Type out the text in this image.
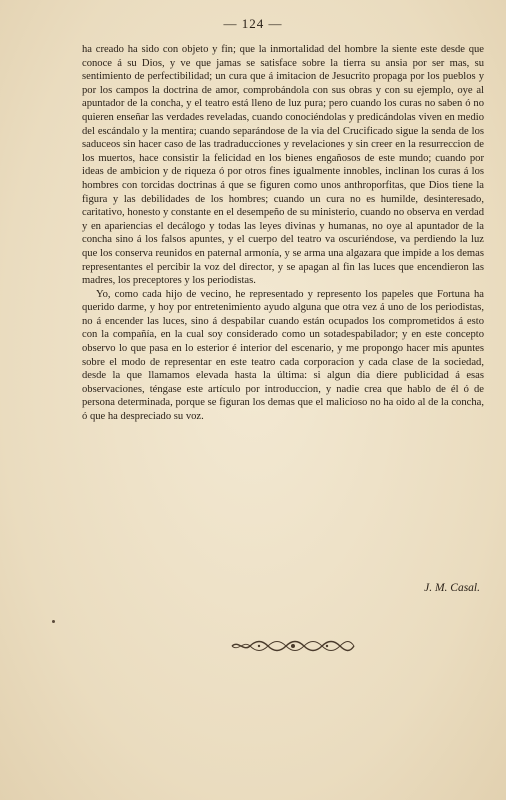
— 124 —

ha creado ha sido con objeto y fin; que la inmortalidad del hombre la siente este desde que conoce á su Dios, y ve que jamas se satisface sobre la tierra su ansia por ser mas, su sentimiento de perfectibilidad; un cura que á imitacion de Jesucrito propaga por los pueblos y por los campos la doctrina de amor, comprobándola con sus obras y con su ejemplo, oye al apuntador de la concha, y el teatro está lleno de luz pura; pero cuando los curas no saben ó no quieren enseñar las verdades reveladas, cuando conociéndolas y predicándolas viven en medio del escándalo y la mentira; cuando separándose de la via del Crucificado sigue la senda de los saduceos sin hacer caso de las tradraducciones y revelaciones y sin creer en la resurreccion de los muertos, hace consistir la felicidad en los bienes engañosos de este mundo; cuando por ideas de ambicion y de riqueza ó por otros fines igualmente innobles, inclinan los curas á los hombres con torcidas doctrinas á que se figuren como unos anthroporfitas, que Dios tiene la figura y las debilidades de los hombres; cuando un cura no es humilde, desinteresado, caritativo, honesto y constante en el desempeño de su ministerio, cuando no observa en verdad y en apariencias el decálogo y todas las leyes divinas y humanas, no oye al apuntador de la concha sino á los falsos apuntes, y el cuerpo del teatro va oscuriéndose, va perdiendo la luz que los conserva reunidos en paternal armonía, y se arma una algazara que impide a los demas representantes el percibir la voz del director, y se apagan al fin las luces que encendieron las madres, los preceptores y los periodistas.

Yo, como cada hijo de vecino, he representado y represento los papeles que Fortuna ha querido darme, y hoy por entretenimiento ayudo alguna que otra vez á uno de los periodistas, no á encender las luces, sino á despabilar cuando están ocupados los comprometidos á esto con la compañía, en la cual soy considerado como un sotadespabilador; y en este concepto observo lo que pasa en lo esterior é interior del escenario, y me propongo hacer mis apuntes sobre el modo de representar en este teatro cada corporacion y cada clase de la sociedad, desde la que llamamos elevada hasta la última: si algun dia diere publicidad á esas observaciones, téngase este artículo por introduccion, y nadie crea que hablo de él ó de persona determinada, porque se figuran los demas que el malicioso no ha oido al de la concha, ó que ha despreciado su voz.

J. M. Casal.
